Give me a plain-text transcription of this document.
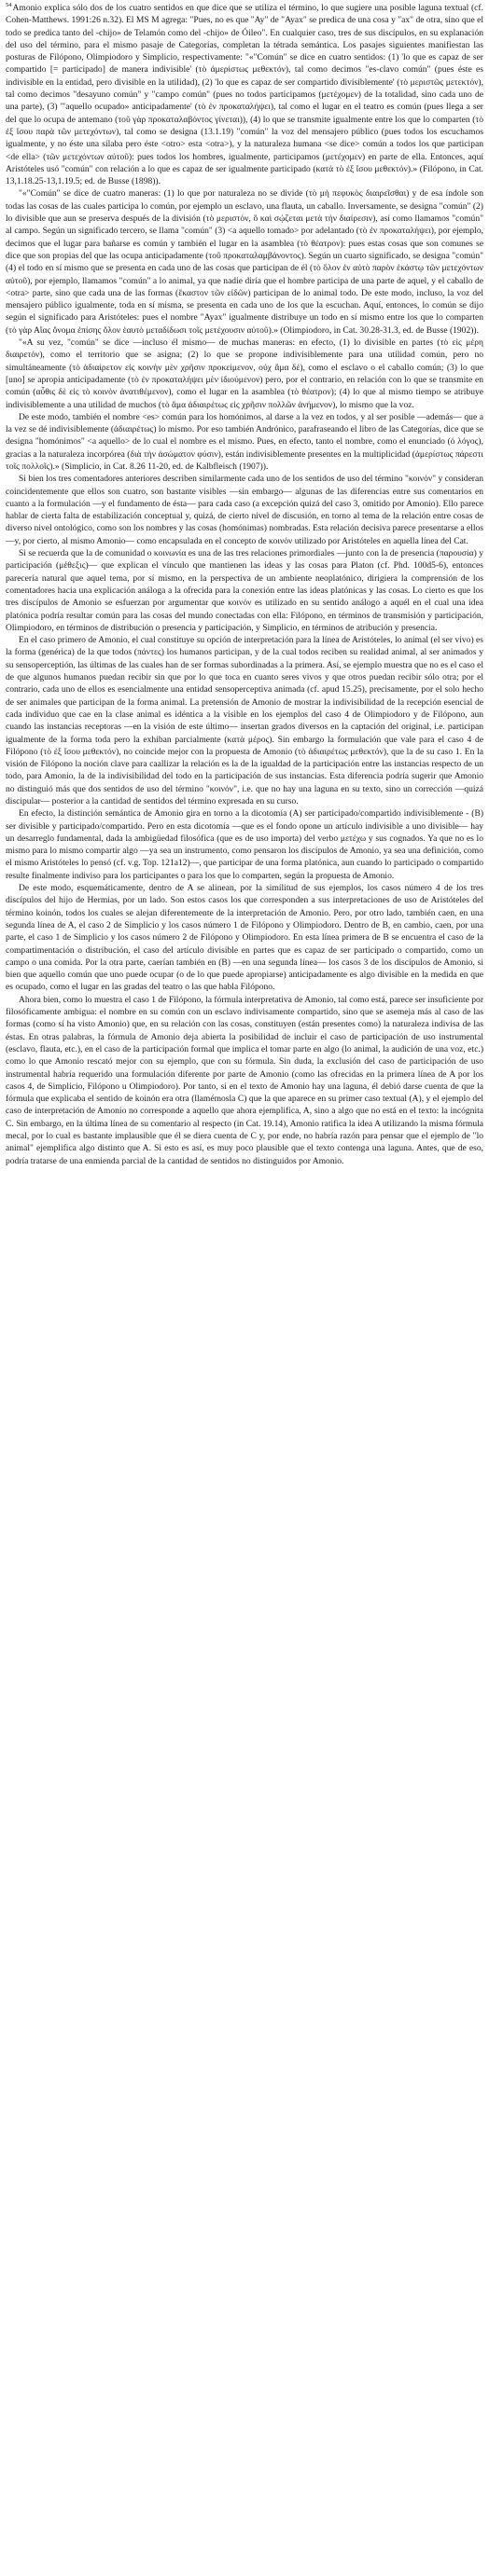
$^{54}$Amonio explica sólo dos de los cuatro sentidos en que dice que se utiliza el término, lo que sugiere una posible laguna textual (cf. Cohen-Matthews. 1991:26 n.32). El MS M agrega: "Pues, no es que "Ay" de "Ayax" se predica de una cosa y "ax" de otra, sino que el todo se predica tanto del -chijo» de Telamón como del -chijo» de Óileo". En cualquier caso, tres de sus discípulos, en su explanación del uso del término, para el mismo pasaje de Categorías, completan la tétrada semántica. Los pasajes siguientes manifiestan las posturas de Filópono, Olimpiodoro y Simplicio, respectivamente: "«"Común" se dice en cuatro sentidos: (1) 'lo que es capaz de ser compartido [= participado] de manera indivisible' (τὸ ἀμερίστως μεθεκτόν), tal como decimos "es-clavo común" (pues éste es indivisible en la entidad, pero divisible en la utilidad), (2) 'lo que es capaz de ser compartido divisiblemente' (τὸ μεριστῶς μετεκτόν), tal como decimos "desayuno común" y "campo común" (pues no todos participamos (μετέχομεν) de la totalidad, sino cada uno de una parte), (3) '"aquello ocupado» anticipadamente' (τὸ ἐν προκαταλήψει), tal como el lugar en el teatro es común (pues llega a ser del que lo ocupa de antemano (τοῦ γὰρ προκαταλαβόντος γίνεται)), (4) lo que se transmite igualmente entre los que lo comparten (τὸ ἐξ ἴσου παρὰ τῶν μετεχόντων), tal como se designa (13.1.19) "común" la voz del mensajero público (pues todos los escuchamos igualmente, y no éste una sílaba pero éste <otro> esta <otra>), y la naturaleza humana <se dice> común a todos los que participan <de ella> (τῶν μετεχόντων αὐτοῦ): pues todos los hombres, igualmente, participamos (μετέχομεν) en parte de ella. Entonces, aquí Aristóteles usó "común" con relación a lo que es capaz de ser igualmente participado (κατὰ τὸ ἐξ ἴσου μεθεκτόν).» (Filópono, in Cat. 13,1.18.25-13,1.19.5; ed. de Busse (1898)).

"«"Común" se dice de cuatro maneras: (1) lo que por naturaleza no se divide (τὸ μὴ πεφυκὸς διαιρεῖσθαι) y de esa índole son todas las cosas de las cuales participa lo común, por ejemplo un esclavo, una flauta, un caballo. Inversamente, se designa "común" (2) lo divisible que aun se preserva después de la división (τὸ μεριστόν, ὃ καὶ σῴζεται μετὰ τὴν διαίρεσιν), así como llamamos "común" al campo. Según un significado tercero, se llama "común" (3) <a aquello tomado> por adelantado (τὸ ἐν προκαταλήψει), por ejemplo, decimos que el lugar para bañarse es común y también el lugar en la asamblea (τὸ θέατρον): pues estas cosas que son comunes se dice que son propias del que las ocupa anticipadamente (τοῦ προκαταλαμβάνοντος). Según un cuarto significado, se designa "común" (4) el todo en sí mismo que se presenta en cada uno de las cosas que participan de él (τὸ ὅλον ἐν αὐτὸ παρὸν ἑκάστῳ τῶν μετεχόντων αὐτοῦ), por ejemplo, llamamos "común" a lo animal, ya que nadie diría que el hombre participa de una parte de aquel, y el caballo de <otra> parte, sino que cada una de las formas (ἕκαστον τῶν εἰδῶν) participan de lo animal todo. De este modo, incluso, la voz del mensajero público igualmente, toda en sí misma, se presenta en cada uno de los que la escuchan. Aquí, entonces, lo común se dijo según el significado para Aristóteles: pues el nombre "Ayax" igualmente distribuye un todo en sí mismo entre los que lo comparten (τὸ γὰρ Αἴας ὄνομα ἐπίσης ὅλον ἑαυτὸ μεταδίδωσι τοῖς μετέχουσιν αὐτοῦ).» (Olimpiodoro, in Cat. 30.28-31.3, ed. de Busse (1902)).

"«A su vez, "común" se dice —incluso él mismo— de muchas maneras: en efecto, (1) lo divisible en partes (τὸ εἰς μέρη διαιρετόν), como el territorio que se asigna; (2) lo que se propone indivisiblemente para una utilidad común, pero no simultáneamente (τὸ ἀδιαίρετον εἰς κοινὴν μὲν χρῆσιν προκείμενον, οὐχ ἅμα δέ), como el esclavo o el caballo común; (3) lo que [uno] se apropia anticipadamente (τὸ ἐν προκαταλήψει μὲν ἰδιούμενον) pero, por el contrario, en relación con lo que se transmite en común (αὖθις δὲ εἰς τὸ κοινὸν ἀνατιθέμενον), como el lugar en la asamblea (τὸ θέατρον); (4) lo que al mismo tiempo se atribuye indivisiblemente a una utilidad de muchos (τὸ ἅμα ἀδιαιρέτως εἰς χρῆσιν πολλῶν ἀνήμενον), lo mismo que la voz.

De este modo, también el nombre <es> común para los homónimos, al darse a la vez en todos, y al ser posible —además— que a la vez se dé indivisiblemente (ἀδιαιρέτως) lo mismo. Por eso también Andrónico, parafraseando el libro de las Categorías, dice que se designa "homónimos" <a aquello> de lo cual el nombre es el mismo. Pues, en efecto, tanto el nombre, como el enunciado (ὁ λόγος), gracias a la naturaleza incorpórea (διὰ τὴν ἀσώματον φύσιν), están indivisiblemente presentes en la multiplicidad (ἀμερίστως πάρεστι τοῖς πολλοῖς).» (Simplicio, in Cat. 8.26 11-20, ed. de Kalbfleisch (1907)).

Si bien los tres comentadores anteriores describen similarmente cada uno de los sentidos de uso del término "κοινόν" y consideran coincidentemente que ellos son cuatro, son bastante visibles —sin embargo— algunas de las diferencias entre sus comentarios en cuanto a la formulación —y el fundamento de ésta— para cada caso (a excepción quizá del caso 3, omitido por Amonio). Ello parece hablar de cierta falta de estabilización conceptual y, quizá, de cierto nivel de discusión, en torno al tema de la relación entre cosas de diverso nivel ontológico, como son los nombres y las cosas (homónimas) nombradas. Esta relación decisiva parece presentarse a ellos —y, por cierto, al mismo Amonio— como encapsulada en el concepto de κοινόν utilizado por Aristóteles en aquella línea del Cat.

Si se recuerda que la de comunidad o κοινωνία es una de las tres relaciones primordiales —junto con la de presencia (παρουσία) y participación (μέθεξις)— que explican el vínculo que mantienen las ideas y las cosas para Platon (cf. Phd. 100d5-6), entonces parecería natural que aquel tema, por sí mismo, en la perspectiva de un ambiente neoplatónico, dirigiera la comprensión de los comentadores hacia una explicación análoga a la ofrecida para la conexión entre las ideas platónicas y las cosas. Lo cierto es que los tres discípulos de Amonio se esfuerzan por argumentar que κοινόν es utilizado en su sentido análogo a aquél en el cual una idea platónica podría resultar común para las cosas del mundo conectadas con ella: Filópono, en términos de transmisión y participación, Olimpiodoro, en términos de distribución o presencia y participación, y Simplicio, en términos de atribución y presencia.

En el caso primero de Amonio, el cual constituye su opción de interpretación para la línea de Aristóteles, lo animal (el ser vivo) es la forma (genérica) de la que todos (πάντες) los humanos participan, y de la cual todos reciben su realidad animal, al ser animados y su sensoperceptión, las últimas de las cuales han de ser formas subordinadas a la primera. Así, se ejemplo muestra que no es el caso el de que algunos humanos puedan recibir sin que por lo que toca en cuanto seres vivos y que otros puedan recibir sólo otra; por el contrario, cada uno de ellos es esencialmente una entidad sensoperceptiva animada (cf. apud 15.25), precisamente, por el solo hecho de ser animales que participan de la forma animal. La pretensión de Amonio de mostrar la indivisibilidad de la recepción esencial de cada individuo que cae en la clase animal es idéntica a la visible en los ejemplos del caso 4 de Olimpiodoro y de Filópono, aun cuando las instancias receptoras —en la visión de este último— insertan grados diversos en la captación del original, i.e. participan igualmente de la forma toda pero la exhiban parcialmente (κατὰ μέρος). Sin embargo la formulación que vale para el caso 4 de Filópono (τὸ ἐξ ἴσου μεθεκτόν), no coincide mejor con la propuesta de Amonio (τὸ ἀδιαιρέτως μεθεκτόν), que la de su caso 1. En la visión de Filópono la noción clave para caallizar la relación es la de la igualdad de la participación entre las instancias respecto de un todo, para Amonio, la de la indivisibilidad del todo en la participación de sus instancias. Esta diferencia podría sugerir que Amonio no distinguió más que dos sentidos de uso del término "κοινόν", i.e. que no hay una laguna en su texto, sino un corrección —quizá discipular— posterior a la cantidad de sentidos del término expresada en su curso.

En efecto, la distinción semántica de Amonio gira en torno a la dicotomía (A) ser participado/compartido indivisiblemente - (B) ser divisible y participado/compartido. Pero en esta dicotomía —que es el fondo opone un artículo indivisible a uno divisible— hay un desarreglo fundamental, dada la ambigüedad filosófica (que es de uso importa) del verbo μετέχω y sus cognados. Ya que no es lo mismo para lo mismo compartir algo —ya sea un instrumento, como pensaron los discípulos de Amonio, ya sea una definición, como el mismo Aristóteles lo pensó (cf. v.g. Top. 121a12)—, que participar de una forma platónica, aun cuando lo participado o compartido resulte finalmente indiviso para los participantes o para los que lo comparten, según la propuesta de Amonio.

De este modo, esquemáticamente, dentro de A se alinean, por la similitud de sus ejemplos, los casos número 4 de los tres discípulos del hijo de Hermias, por un lado. Son estos casos los que corresponden a sus interpretaciones de uso de Aristóteles del término koinón, todos los cuales se alejan diferentemente de la interpretación de Amonio. Pero, por otro lado, también caen, en una segunda línea de A, el caso 2 de Simplicio y los casos número 1 de Filópono y Olimpiodoro. Dentro de B, en cambio, caen, por una parte, el caso 1 de Simplicio y los casos número 2 de Filópono y Olimpiodoro. En esta línea primera de B se encuentra el caso de la compartimentación o distribución, el caso del artículo divisible en partes que es capaz de ser participado o compartido, como un campo o una comida. Por la otra parte, caerían también en (B) —en una segunda línea— los casos 3 de los discípulos de Amonio, si bien que aquello común que uno puede ocupar (o de lo que puede apropiarse) anticipadamente es algo divisible en la medida en que es ocupado, como el lugar en las gradas del teatro o las que habla Filópono.

Ahora bien, como lo muestra el caso 1 de Filópono, la fórmula interpretativa de Amonio, tal como está, parece ser insuficiente por filosóficamente ambigua: el nombre en su común con un esclavo indivisamente compartido, sino que se asemeja más al caso de las formas (como sí ha visto Amonio) que, en su relación con las cosas, constituyen (están presentes como) la naturaleza indivisa de las éstas. En otras palabras, la fórmula de Amonio deja abierta la posibilidad de incluir el caso de participación de uso instrumental (esclavo, flauta, etc.), en el caso de la participación formal que implica el tomar parte en algo (lo animal, la audición de una voz, etc.) como lo que Amonio rescató mejor con su ejemplo, que con su fórmula. Sin duda, la exclusión del caso de participación de uso instrumental habría requerido una formulación diferente por parte de Amonio (como las ofrecidas en la primera línea de A por los casos 4, de Simplicio, Filópono u Olimpiodoro). Por tanto, si en el texto de Amonio hay una laguna, él debió darse cuenta de que la fórmula que explicaba el sentido de koinón era otra (llamémosla C) que la que aparece en su primer caso textual (A), y el ejemplo del caso de interpretación de Amonio no corresponde a aquello que ahora ejemplifica, A, sino a algo que no está en el texto: la incógnita C. Sin embargo, en la última línea de su comentario al respecto (in Cat. 19.14), Amonio ratifica la idea A utilizando la misma fórmula mecal, por lo cual es bastante implausible que él se diera cuenta de C y, por ende, no habría razón para pensar que el ejemplo de "lo animal" ejemplifica algo distinto que A. Si esto es así, es muy poco plausible que el texto contenga una laguna. Antes, que de eso, podría tratarse de una enmienda parcial de la cantidad de sentidos no distinguidos por Amonio.
